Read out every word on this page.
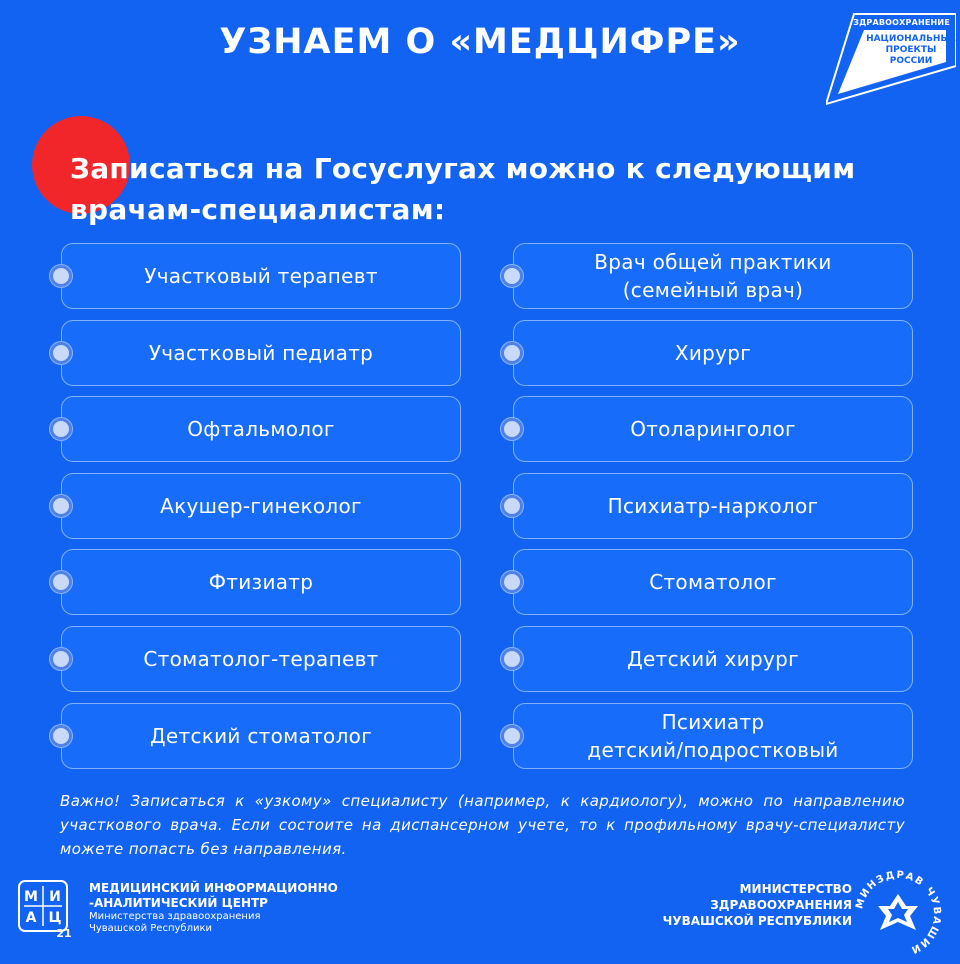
УЗНАЕМ О «МЕДЦИФРЕ»	ЗДРАВООХРАНЕНИЕ
НАЦИОНАЛЬНЫЕ
ПРОЕКТЫ
РОССИИ
Записаться на Госуслугах можно к следующим врачам-специалистам:
Участковый терапевт
Участковый педиатр
Офтальмолог
Акушер-гинеколог
Фтизиатр
Стоматолог-терапевт
Детский стоматолог
Врач общей практики
(семейный врач)
Хирург
Отоларинголог
Психиатр-нарколог
Стоматолог
Детский хирург
Психиатр
детский/подростковый
Важно! Записаться к «узкому» специалисту (например, к кардиологу), можно по направлению участкового врача. Если состоите на диспансерном учете, то к профильному врачу-специалисту можете попасть без направления.
М И
А Ц
21
МЕДИЦИНСКИЙ ИНФОРМАЦИОННО
-АНАЛИТИЧЕСКИЙ ЦЕНТР
Министерства здравоохранения
Чувашской Республики
МИНИСТЕРСТВО
ЗДРАВООХРАНЕНИЯ
ЧУВАШСКОЙ РЕСПУБЛИКИ
МИНЗДРАВ ЧУВАШИИ
